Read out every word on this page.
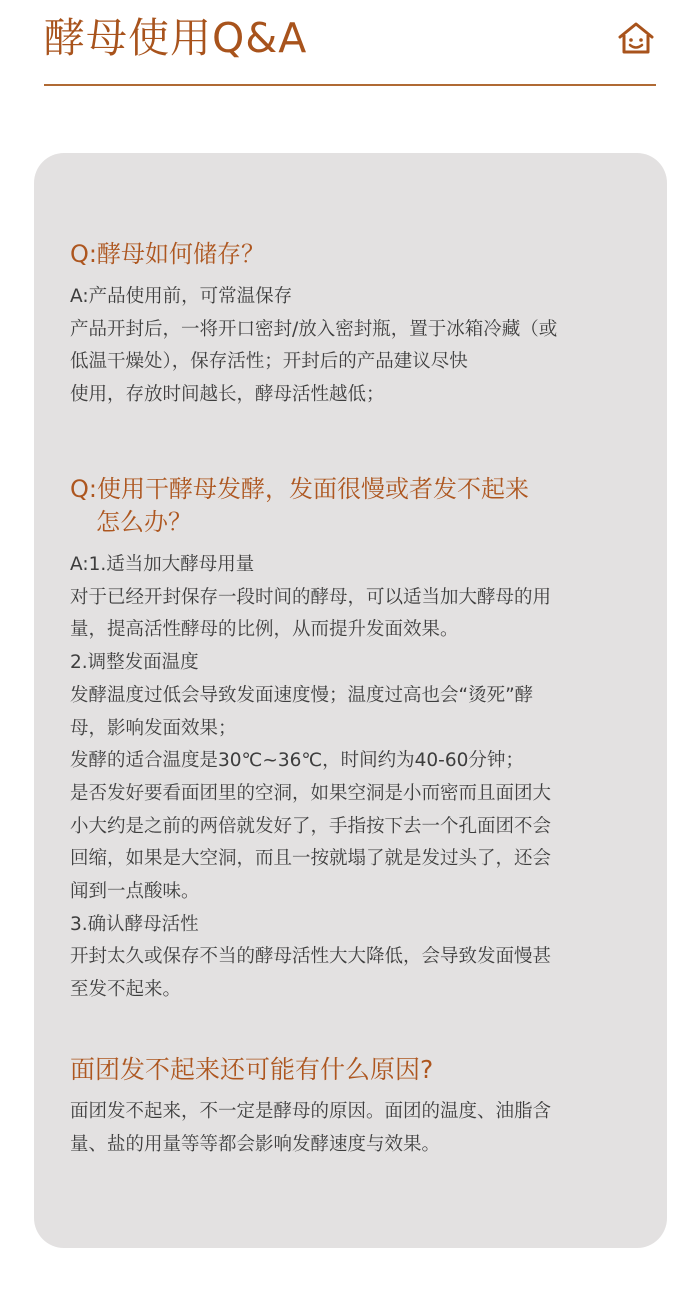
酵母使用Q&A
Q:酵母如何储存？
A:产品使用前，可常温保存
产品开封后，一将开口密封/放入密封瓶，置于冰箱冷藏（或
低温干燥处），保存活性；开封后的产品建议尽快
使用，存放时间越长，酵母活性越低；
Q:使用干酵母发酵，发面很慢或者发不起来
怎么办？
A:1.适当加大酵母用量
对于已经开封保存一段时间的酵母，可以适当加大酵母的用
量，提高活性酵母的比例，从而提升发面效果。
2.调整发面温度
发酵温度过低会导致发面速度慢；温度过高也会“烫死”酵
母，影响发面效果；
发酵的适合温度是30℃~36℃，时间约为40-60分钟；
是否发好要看面团里的空洞，如果空洞是小而密而且面团大
小大约是之前的两倍就发好了，手指按下去一个孔面团不会
回缩，如果是大空洞，而且一按就塌了就是发过头了，还会
闻到一点酸味。
3.确认酵母活性
开封太久或保存不当的酵母活性大大降低，会导致发面慢甚
至发不起来。
面团发不起来还可能有什么原因?
面团发不起来，不一定是酵母的原因。面团的温度、油脂含
量、盐的用量等等都会影响发酵速度与效果。
